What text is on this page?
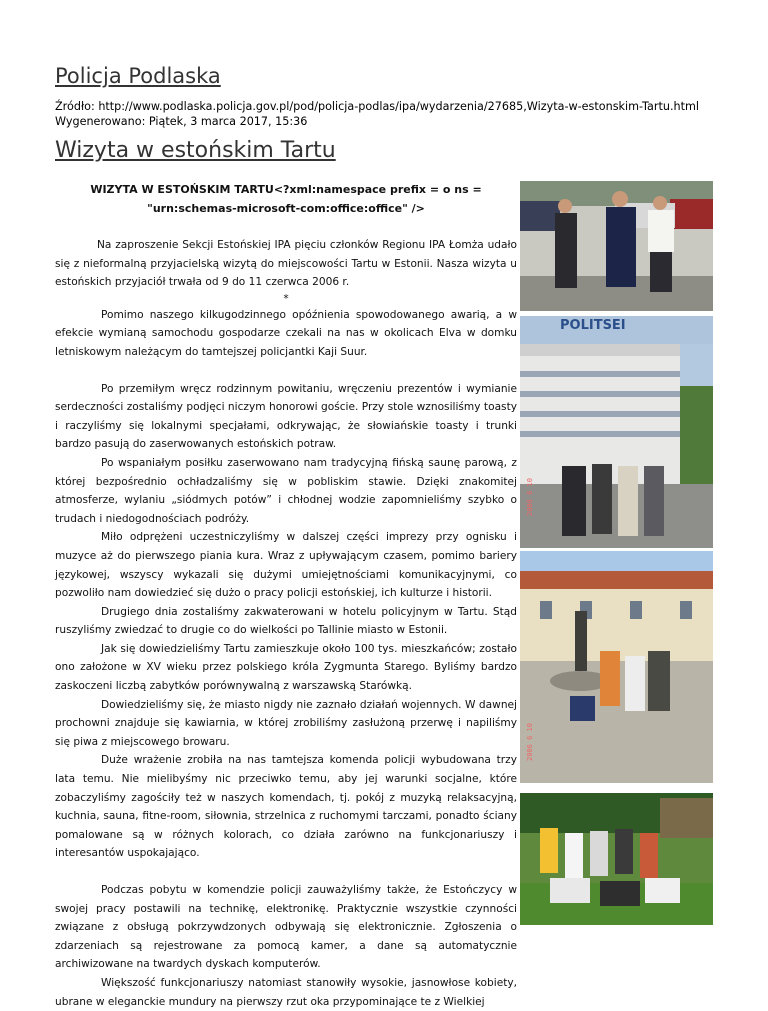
Policja Podlaska
Źródło: http://www.podlaska.policja.gov.pl/pod/policja-podlas/ipa/wydarzenia/27685,Wizyta-w-estonskim-Tartu.html
Wygenerowano: Piątek, 3 marca 2017, 15:36
Wizyta w estońskim Tartu

WIZYTA W ESTOŃSKIM TARTU<?xml:namespace prefix = o ns =

"urn:schemas-microsoft-com:office:office" />

Na zaproszenie Sekcji Estońskiej IPA pięciu członków Regionu IPA Łomża udało się z nieformalną przyjacielską wizytą do miejscowości Tartu w Estonii. Nasza wizyta u estońskich przyjaciół trwała od 9 do 11 czerwca 2006 r.

*

Pomimo naszego kilkugodzinnego opóźnienia spowodowanego awarią, a w efekcie wymianą samochodu gospodarze czekali na nas w okolicach Elva w domku letniskowym należącym do tamtejszej policjantki Kaji Suur.

Po przemiłym wręcz rodzinnym powitaniu, wręczeniu prezentów i wymianie serdeczności zostaliśmy podjęci niczym honorowi goście. Przy stole wznosiliśmy toasty i raczyliśmy się lokalnymi specjałami, odkrywając, że słowiańskie toasty i trunki bardzo pasują do zaserwowanych estońskich potraw.

Po wspaniałym posiłku zaserwowano nam tradycyjną fińską saunę parową, z której bezpośrednio ochładzaliśmy się w pobliskim stawie. Dzięki znakomitej atmosferze, wylaniu „siódmych potów” i chłodnej wodzie zapomnieliśmy szybko o trudach i niedogodnościach podróży.

Miło odprężeni uczestniczyliśmy w dalszej części imprezy przy ognisku i muzyce aż do pierwszego piania kura. Wraz z upływającym czasem, pomimo bariery językowej, wszyscy wykazali się dużymi umiejętnościami komunikacyjnymi, co pozwoliło nam dowiedzieć się dużo o pracy policji estońskiej, ich kulturze i historii.

Drugiego dnia zostaliśmy zakwaterowani w hotelu policyjnym w Tartu. Stąd ruszyliśmy zwiedzać to drugie co do wielkości po Tallinie miasto w Estonii.

Jak się dowiedzieliśmy Tartu zamieszkuje około 100 tys. mieszkańców; zostało ono założone w XV wieku przez polskiego króla Zygmunta Starego. Byliśmy bardzo zaskoczeni liczbą zabytków porównywalną z warszawską Starówką.

Dowiedzieliśmy się, że miasto nigdy nie zaznało działań wojennych. W dawnej prochowni znajduje się kawiarnia, w której zrobiliśmy zasłużoną przerwę i napiliśmy się piwa z miejscowego browaru.

Duże wrażenie zrobiła na nas tamtejsza komenda policji wybudowana trzy lata temu. Nie mielibyśmy nic przeciwko temu, aby jej warunki socjalne, które zobaczyliśmy zagościły też w naszych komendach, tj. pokój z muzyką relaksacyjną, kuchnia, sauna, fitne-room, siłownia, strzelnica z ruchomymi tarczami, ponadto ściany pomalowane są w różnych kolorach, co działa zarówno na funkcjonariuszy i interesantów uspokajająco.

Podczas pobytu w komendzie policji zauważyliśmy także, że Estończycy w swojej pracy postawili na technikę, elektronikę. Praktycznie wszystkie czynności związane z obsługą pokrzywdzonych odbywają się elektronicznie. Zgłoszenia o zdarzeniach są rejestrowane za pomocą kamer, a dane są automatycznie archiwizowane na twardych dyskach komputerów.

Większość funkcjonariuszy natomiast stanowiły wysokie, jasnowłose kobiety, ubrane w eleganckie mundury na pierwszy rzut oka przypominające te z Wielkiej

POLITSEI
2006 6 10
2006 6 10
